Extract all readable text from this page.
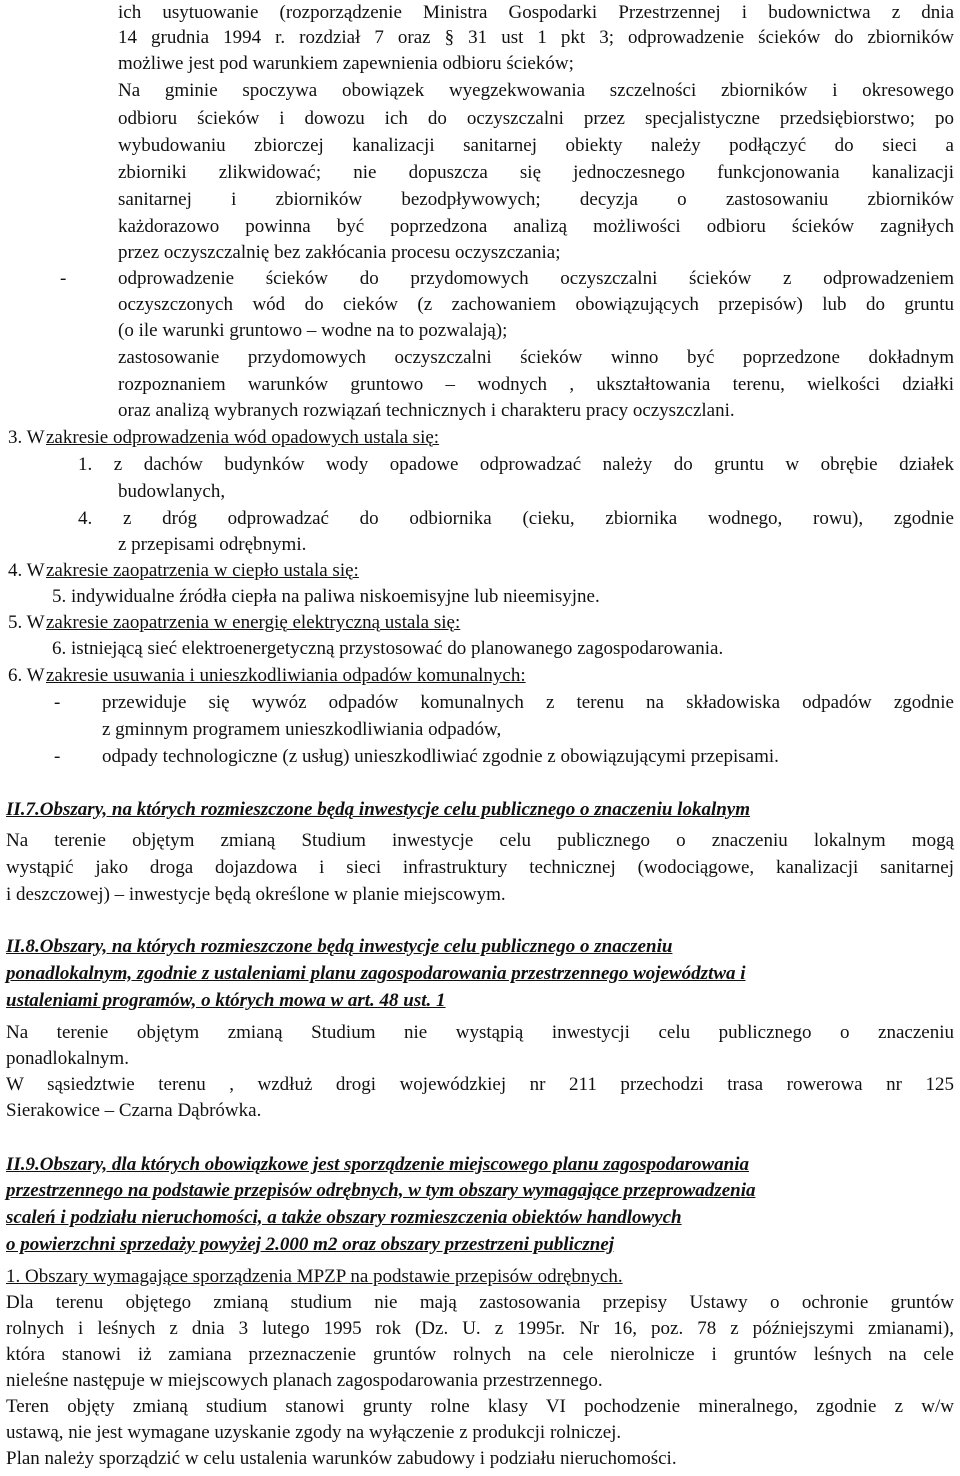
ich usytuowanie (rozporządzenie Ministra Gospodarki Przestrzennej i budownictwa z dnia
14 grudnia 1994 r. rozdział 7 oraz § 31 ust 1 pkt 3; odprowadzenie ścieków do zbiorników
możliwe jest pod warunkiem zapewnienia odbioru ścieków;
Na gminie spoczywa obowiązek wyegzekwowania szczelności zbiorników i okresowego
odbioru ścieków i dowozu ich do oczyszczalni przez specjalistyczne przedsiębiorstwo; po
wybudowaniu zbiorczej kanalizacji sanitarnej obiekty należy podłączyć do sieci a
zbiorniki zlikwidować; nie dopuszcza się jednoczesnego funkcjonowania kanalizacji
sanitarnej i zbiorników bezodpływowych; decyzja o zastosowaniu zbiorników
każdorazowo powinna być poprzedzona analizą możliwości odbioru ścieków zagniłych
przez oczyszczalnię bez zakłócania procesu oczyszczania;
-	odprowadzenie ścieków do przydomowych oczyszczalni ścieków z odprowadzeniem
oczyszczonych wód do cieków (z zachowaniem obowiązujących przepisów) lub do gruntu
(o ile warunki gruntowo – wodne na to pozwalają);
zastosowanie przydomowych oczyszczalni ścieków winno być poprzedzone dokładnym
rozpoznaniem warunków gruntowo – wodnych , ukształtowania terenu, wielkości działki
oraz analizą wybranych rozwiązań technicznych i charakteru pracy oczyszczlani.
3. W zakresie odprowadzenia wód opadowych ustala się:
1. z dachów budynków wody opadowe odprowadzać należy do gruntu w obrębie działek
budowlanych,
4. z dróg odprowadzać do odbiornika (cieku, zbiornika wodnego, rowu), zgodnie
z przepisami odrębnymi.
4. W zakresie zaopatrzenia w ciepło ustala się:
5. indywidualne źródła ciepła na paliwa niskoemisyjne lub nieemisyjne.
5. W zakresie zaopatrzenia w energię elektryczną ustala się:
6. istniejącą sieć elektroenergetyczną przystosować do planowanego zagospodarowania.
6. W zakresie usuwania i unieszkodliwiania odpadów komunalnych:
- przewiduje się wywóz odpadów komunalnych z terenu na składowiska odpadów zgodnie
z gminnym programem unieszkodliwiania odpadów,
- odpady technologiczne (z usług) unieszkodliwiać zgodnie z obowiązującymi przepisami.
II.7.Obszary, na których rozmieszczone będą inwestycje celu publicznego o znaczeniu lokalnym
Na terenie objętym zmianą Studium inwestycje celu publicznego o znaczeniu lokalnym mogą
wystąpić jako droga dojazdowa i sieci infrastruktury technicznej (wodociągowe, kanalizacji sanitarnej
i deszczowej) – inwestycje będą określone w planie miejscowym.
II.8.Obszary, na których rozmieszczone będą inwestycje celu publicznego o znaczeniu
ponadlokalnym, zgodnie z ustaleniami planu zagospodarowania przestrzennego województwa i
ustaleniami programów, o których mowa w art. 48 ust. 1
Na terenie objętym zmianą Studium nie wystąpią inwestycji celu publicznego o znaczeniu
ponadlokalnym.
W sąsiedztwie terenu , wzdłuż drogi wojewódzkiej nr 211 przechodzi trasa rowerowa nr 125
Sierakowice – Czarna Dąbrówka.
II.9.Obszary, dla których obowiązkowe jest sporządzenie miejscowego planu zagospodarowania
przestrzennego na podstawie przepisów odrębnych, w tym obszary wymagające przeprowadzenia
scaleń i podziału nieruchomości, a także obszary rozmieszczenia obiektów handlowych
o powierzchni sprzedaży powyżej 2.000 m2 oraz obszary przestrzeni publicznej
1. Obszary wymagające sporządzenia MPZP na podstawie przepisów odrębnych.
Dla terenu objętego zmianą studium nie mają zastosowania przepisy Ustawy o ochronie gruntów
rolnych i leśnych z dnia 3 lutego 1995 rok (Dz. U. z 1995r. Nr 16, poz. 78 z późniejszymi zmianami),
która stanowi iż zamiana przeznaczenie gruntów rolnych na cele nierolnicze i gruntów leśnych na cele
nieleśne następuje w miejscowych planach zagospodarowania przestrzennego.
Teren objęty zmianą studium stanowi grunty rolne klasy VI pochodzenie mineralnego, zgodnie z w/w
ustawą, nie jest wymagane uzyskanie zgody na wyłączenie z produkcji rolniczej.
Plan należy sporządzić w celu ustalenia warunków zabudowy i podziału nieruchomości.
